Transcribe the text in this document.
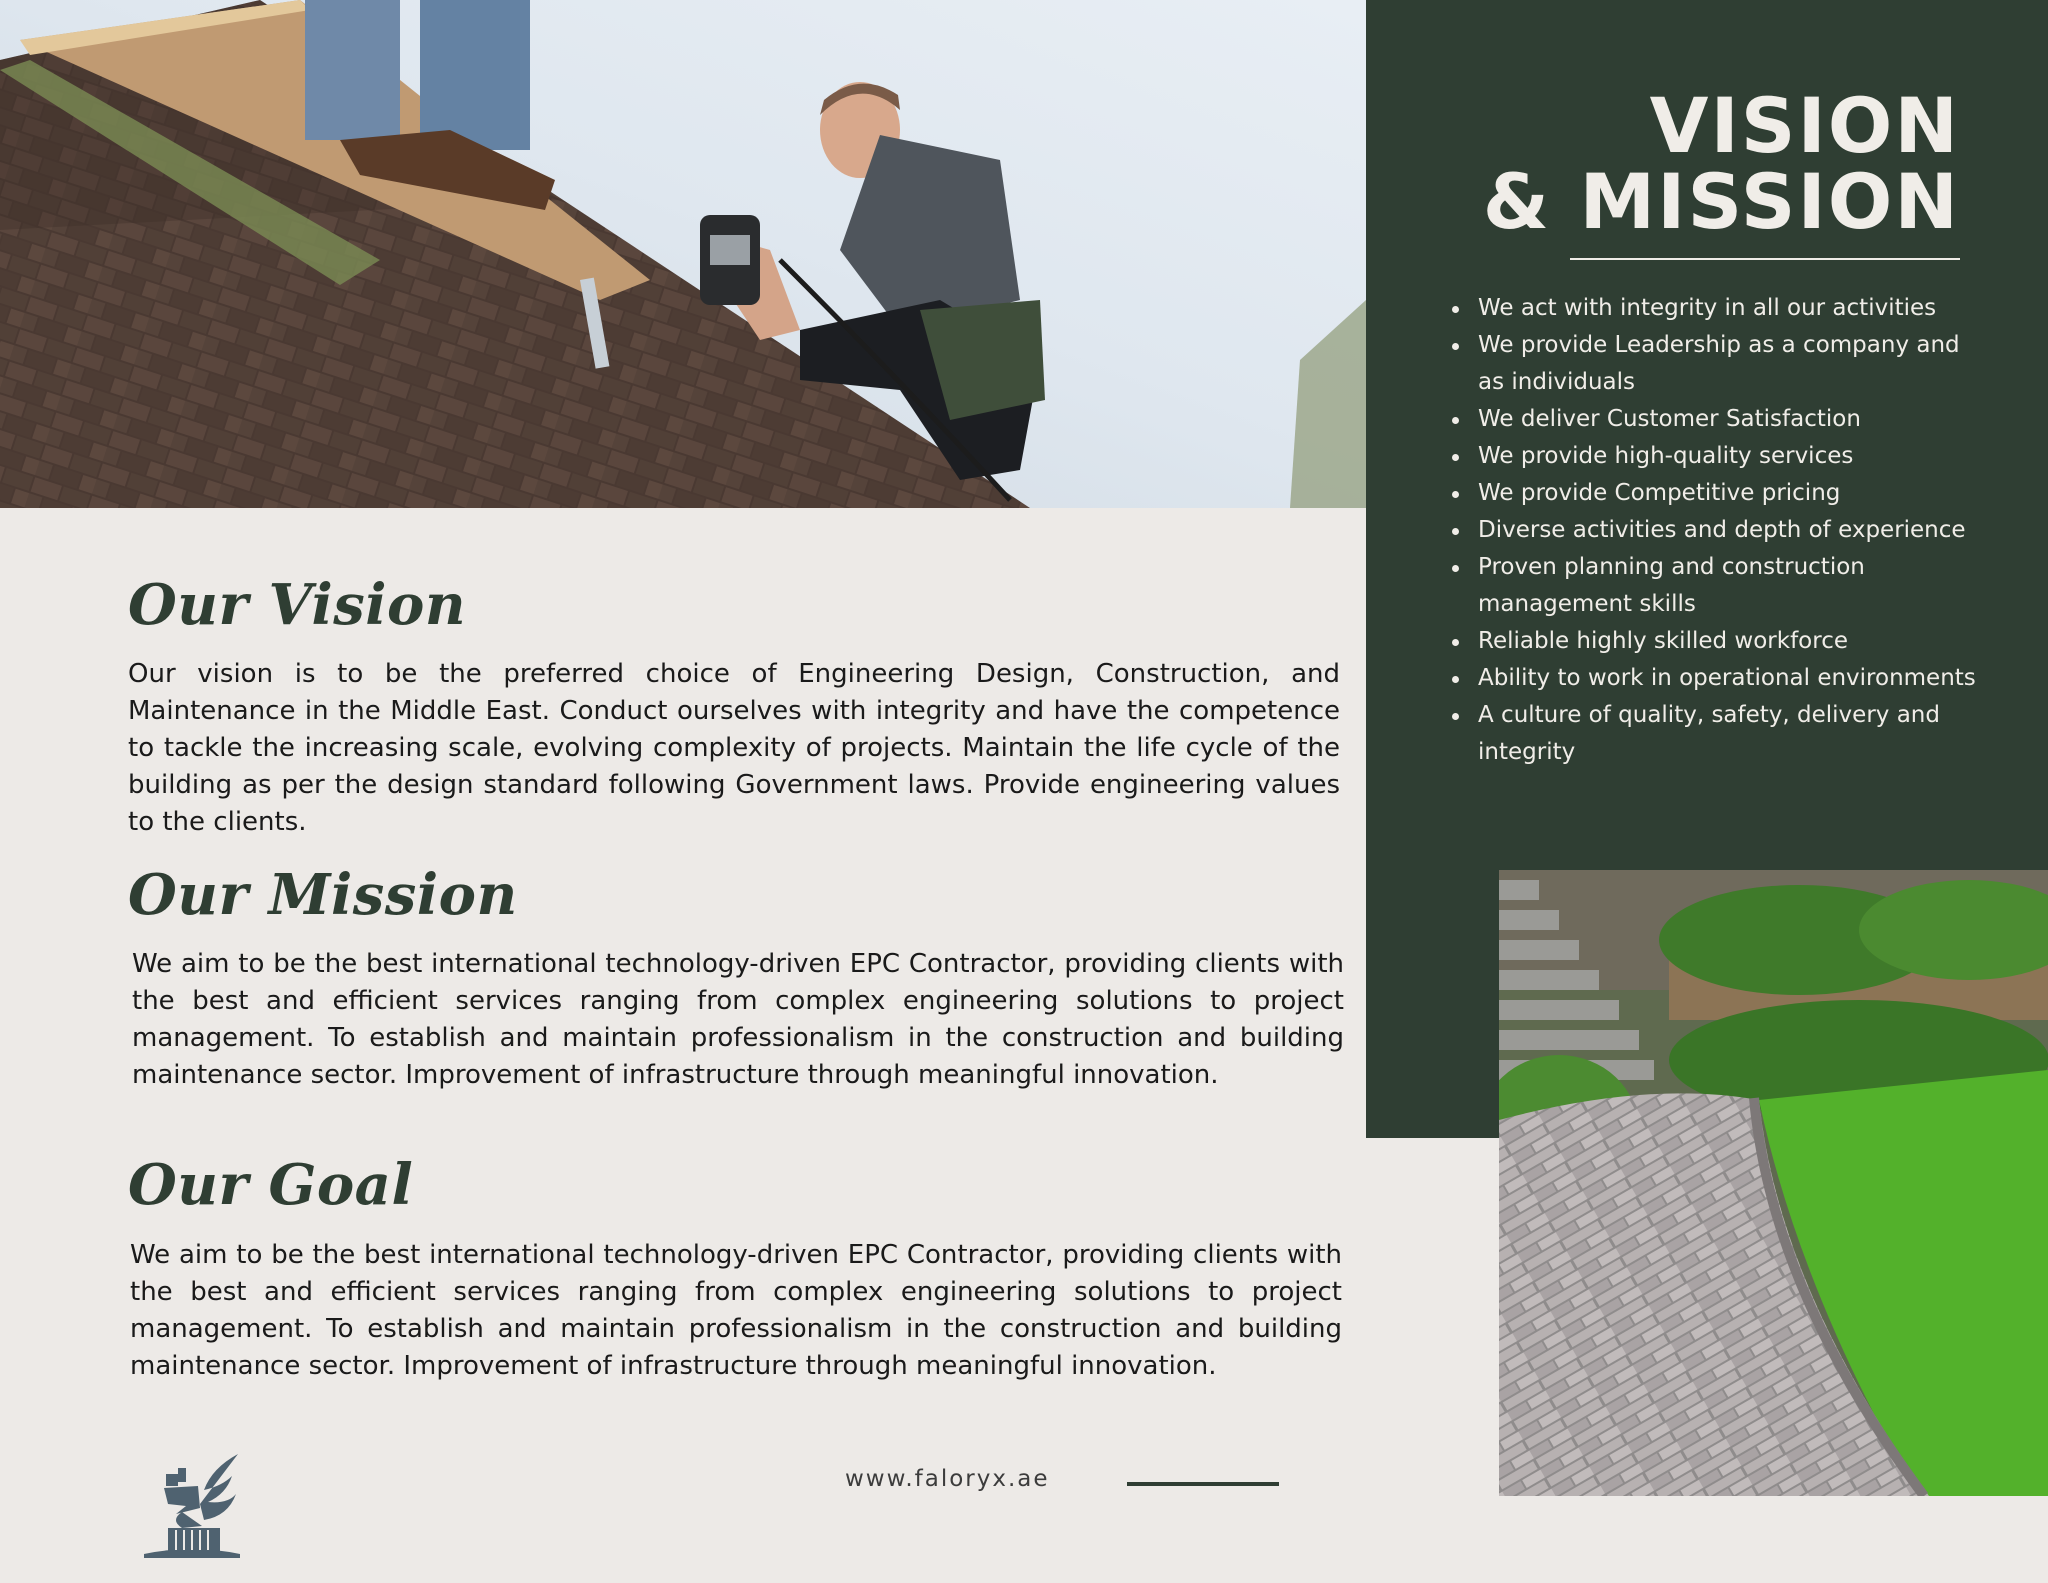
VISION
& MISSION
We act with integrity in all our activities
We provide Leadership as a company and as individuals
We deliver Customer Satisfaction
We provide high-quality services
We provide Competitive pricing
Diverse activities and depth of experience
Proven planning and construction management skills
Reliable highly skilled workforce
Ability to work in operational environments
A culture of quality, safety, delivery and integrity
Our Vision

Our vision is to be the preferred choice of Engineering Design, Construction, and Maintenance in the Middle East. Conduct ourselves with integrity and have the competence to tackle the increasing scale, evolving complexity of projects. Maintain the life cycle of the building as per the design standard following Government laws. Provide engineering values to the clients.

Our Mission

We aim to be the best international technology-driven EPC Contractor, providing clients with the best and efficient services ranging from complex engineering solutions to project management. To establish and maintain professionalism in the construction and building maintenance sector. Improvement of infrastructure through meaningful innovation.

Our Goal

We aim to be the best international technology-driven EPC Contractor, providing clients with the best and efficient services ranging from complex engineering solutions to project management. To establish and maintain professionalism in the construction and building maintenance sector. Improvement of infrastructure through meaningful innovation.

www.faloryx.ae
